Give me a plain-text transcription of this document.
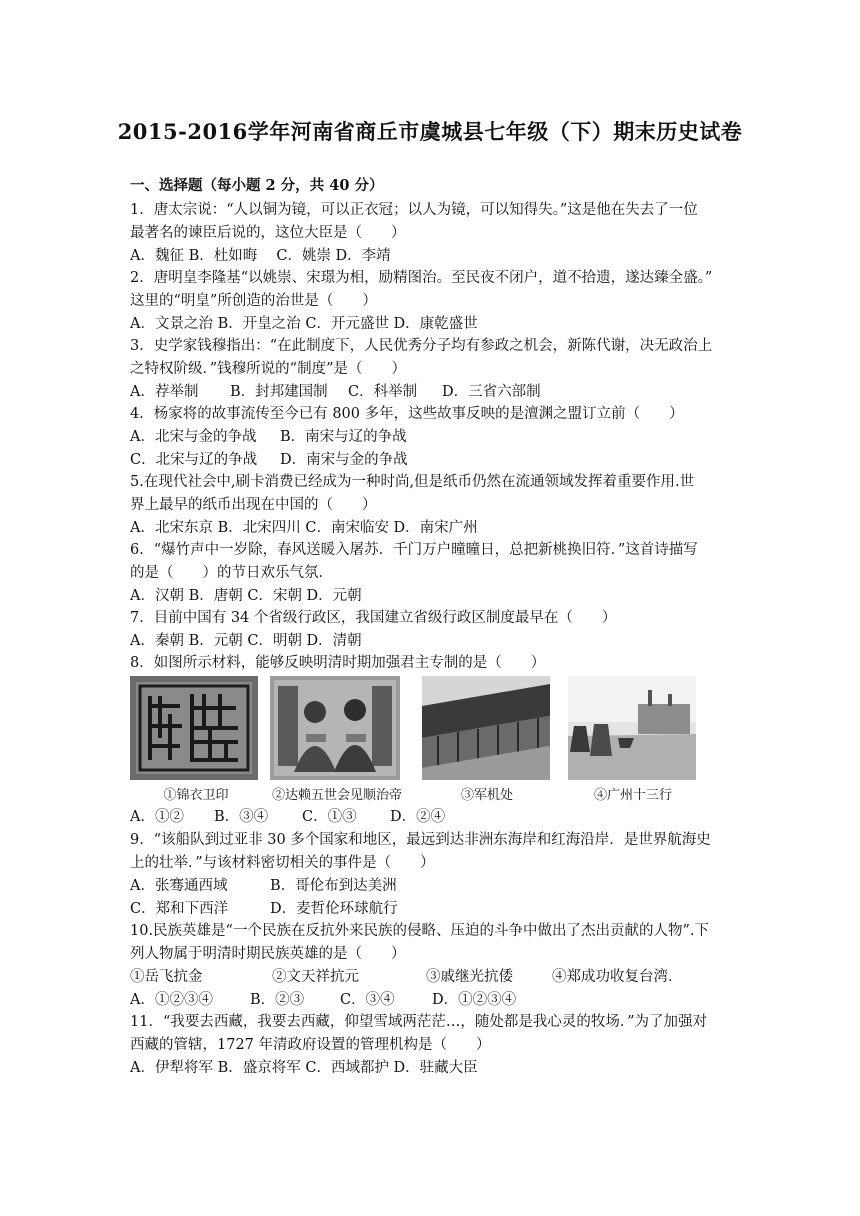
2015-2016学年河南省商丘市虞城县七年级（下）期末历史试卷
一、选择题（每小题 2 分，共 40 分）
1．唐太宗说：“人以铜为镜，可以正衣冠；以人为镜，可以知得失。”这是他在失去了一位
最著名的谏臣后说的，这位大臣是（　　）
A．魏征 B．杜如晦　 C．姚崇 D．李靖
2．唐明皇李隆基“以姚崇、宋璟为相，励精图治。至民夜不闭户，道不拾遗，遂达臻全盛。”
这里的“明皇”所创造的治世是（　　）
A．文景之治 B．开皇之治 C．开元盛世 D．康乾盛世
3．史学家钱穆指出：“在此制度下，人民优秀分子均有参政之机会，新陈代谢，决无政治上
之特权阶级．”钱穆所说的“制度”是（　　）
A．荐举制	B．封邦建国制	C．科举制	D．三省六部制
4．杨家将的故事流传至今已有 800 多年，这些故事反映的是澶渊之盟订立前（　　）
A．北宋与金的争战	B．南宋与辽的争战
C．北宋与辽的争战	D．南宋与金的争战
5.在现代社会中,刷卡消费已经成为一种时尚,但是纸币仍然在流通领域发挥着重要作用.世
界上最早的纸币出现在中国的（　　）
A．北宋东京 B．北宋四川 C．南宋临安 D．南宋广州
6．“爆竹声中一岁除，春风送暖入屠苏．千门万户曈曈日，总把新桃换旧符．”这首诗描写
的是（　　）的节日欢乐气氛．
A．汉朝 B．唐朝 C．宋朝 D．元朝
7．目前中国有 34 个省级行政区，我国建立省级行政区制度最早在（　　）
A．秦朝 B．元朝 C．明朝 D．清朝
8．如图所示材料，能够反映明清时期加强君主专制的是（　　）
①锦衣卫印	②达赖五世会见顺治帝	③军机处	④广州十三行
A．①②	B．③④	C．①③	D．②④
9．“该船队到过亚非 30 多个国家和地区，最远到达非洲东海岸和红海沿岸．是世界航海史
上的壮举．”与该材料密切相关的事件是（　　）
A．张骞通西域	B．哥伦布到达美洲
C．郑和下西洋	D．麦哲伦环球航行
10.民族英雄是“一个民族在反抗外来民族的侵略、压迫的斗争中做出了杰出贡献的人物”.下
列人物属于明清时期民族英雄的是（　　）
①岳飞抗金	②文天祥抗元	③戚继光抗倭	④郑成功收复台湾．
A．①②③④	B．②③	C．③④	D．①②③④
11．“我要去西藏，我要去西藏，仰望雪域两茫茫…，随处都是我心灵的牧场．”为了加强对
西藏的管辖，1727 年清政府设置的管理机构是（　　）
A．伊犁将军 B．盛京将军 C．西域都护 D．驻藏大臣
